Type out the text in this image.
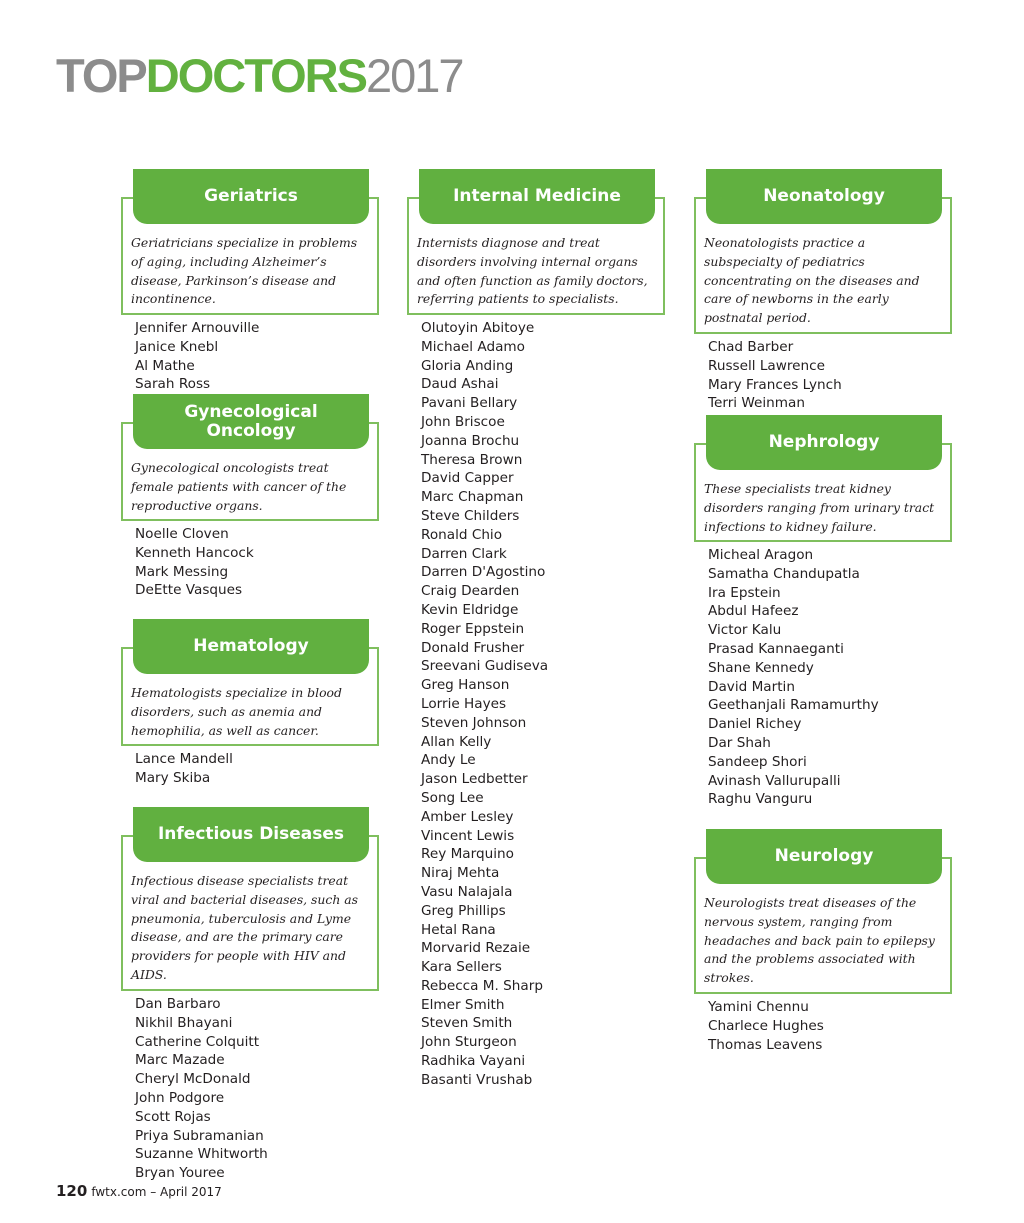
TOPDOCTORS2017
Geriatricians specialize in problems of aging, including Alzheimer’s disease, Parkinson’s disease and incontinence.
Geriatrics
Jennifer Arnouville
Janice Knebl
Al Mathe
Sarah Ross
Gynecological oncologists treat female patients with cancer of the reproductive organs.
Gynecological Oncology
Noelle Cloven
Kenneth Hancock
Mark Messing
DeEtte Vasques
Hematologists specialize in blood disorders, such as anemia and hemophilia, as well as cancer.
Hematology
Lance Mandell
Mary Skiba
Infectious disease specialists treat viral and bacterial diseases, such as pneumonia, tuberculosis and Lyme disease, and are the primary care providers for people with HIV and AIDS.
Infectious Diseases
Dan Barbaro
Nikhil Bhayani
Catherine Colquitt
Marc Mazade
Cheryl McDonald
John Podgore
Scott Rojas
Priya Subramanian
Suzanne Whitworth
Bryan Youree
Internists diagnose and treat disorders involving internal organs and often function as family doctors, referring patients to specialists.
Internal Medicine
Olutoyin Abitoye
Michael Adamo
Gloria Anding
Daud Ashai
Pavani Bellary
John Briscoe
Joanna Brochu
Theresa Brown
David Capper
Marc Chapman
Steve Childers
Ronald Chio
Darren Clark
Darren D'Agostino
Craig Dearden
Kevin Eldridge
Roger Eppstein
Donald Frusher
Sreevani Gudiseva
Greg Hanson
Lorrie Hayes
Steven Johnson
Allan Kelly
Andy Le
Jason Ledbetter
Song Lee
Amber Lesley
Vincent Lewis
Rey Marquino
Niraj Mehta
Vasu Nalajala
Greg Phillips
Hetal Rana
Morvarid Rezaie
Kara Sellers
Rebecca M. Sharp
Elmer Smith
Steven Smith
John Sturgeon
Radhika Vayani
Basanti Vrushab
Neonatologists practice a subspecialty of pediatrics concentrating on the diseases and care of newborns in the early postnatal period.
Neonatology
Chad Barber
Russell Lawrence
Mary Frances Lynch
Terri Weinman
These specialists treat kidney disorders ranging from urinary tract infections to kidney failure.
Nephrology
Micheal Aragon
Samatha Chandupatla
Ira Epstein
Abdul Hafeez
Victor Kalu
Prasad Kannaeganti
Shane Kennedy
David Martin
Geethanjali Ramamurthy
Daniel Richey
Dar Shah
Sandeep Shori
Avinash Vallurupalli
Raghu Vanguru
Neurologists treat diseases of the nervous system, ranging from headaches and back pain to epilepsy and the problems associated with strokes.
Neurology
Yamini Chennu
Charlece Hughes
Thomas Leavens
120 fwtx.com – April 2017
